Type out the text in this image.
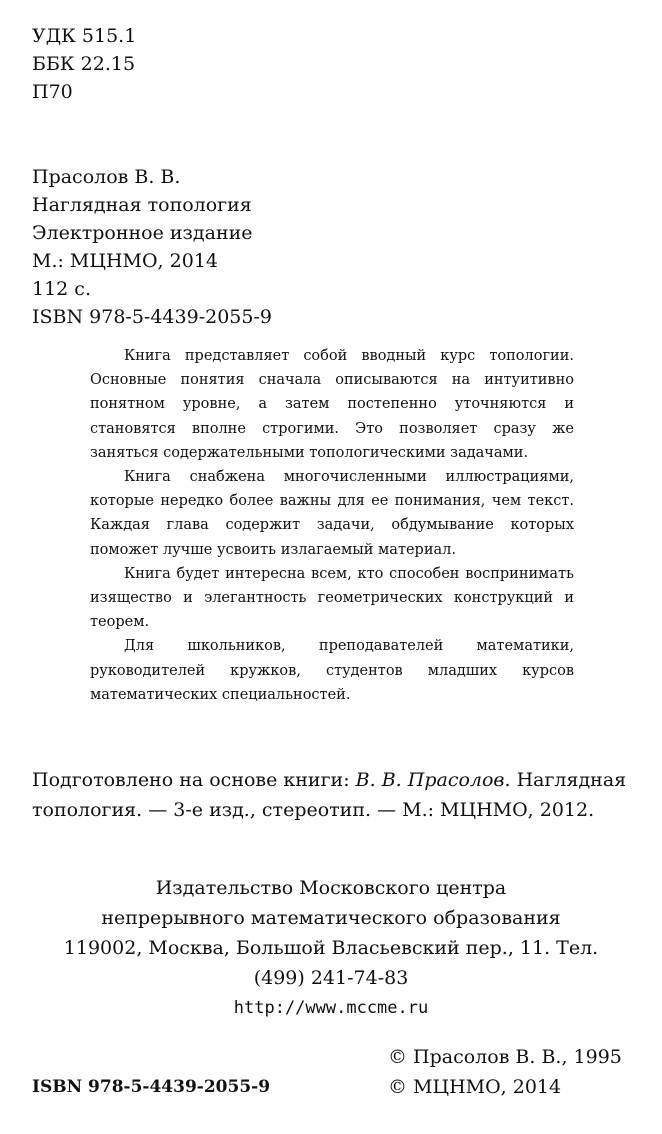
УДК 515.1
ББК 22.15
П70
Прасолов В. В.
Наглядная топология
Электронное издание
М.: МЦНМО, 2014
112 с.
ISBN 978-5-4439-2055-9

Книга представляет собой вводный курс топологии. Основные понятия сначала описываются на интуитивно понятном уровне, а затем постепенно уточняются и становятся вполне строгими. Это позволяет сразу же заняться содержательными топологическими задачами.

Книга снабжена многочисленными иллюстрациями, которые нередко более важны для ее понимания, чем текст. Каждая глава содержит задачи, обдумывание которых поможет лучше усвоить излагаемый материал.

Книга будет интересна всем, кто способен воспринимать изящество и элегантность геометрических конструкций и теорем.

Для школьников, преподавателей математики, руководителей кружков, студентов младших курсов математических специальностей.

Подготовлено на основе книги: В. В. Прасолов. Наглядная топология. — 3-е изд., стереотип. — М.: МЦНМО, 2012.
Издательство Московского центра
непрерывного математического образования
119002, Москва, Большой Власьевский пер., 11. Тел.
(499) 241-74-83
http://www.mccme.ru
ISBN 978-5-4439-2055-9
© Прасолов В. В., 1995
© МЦНМО, 2014
